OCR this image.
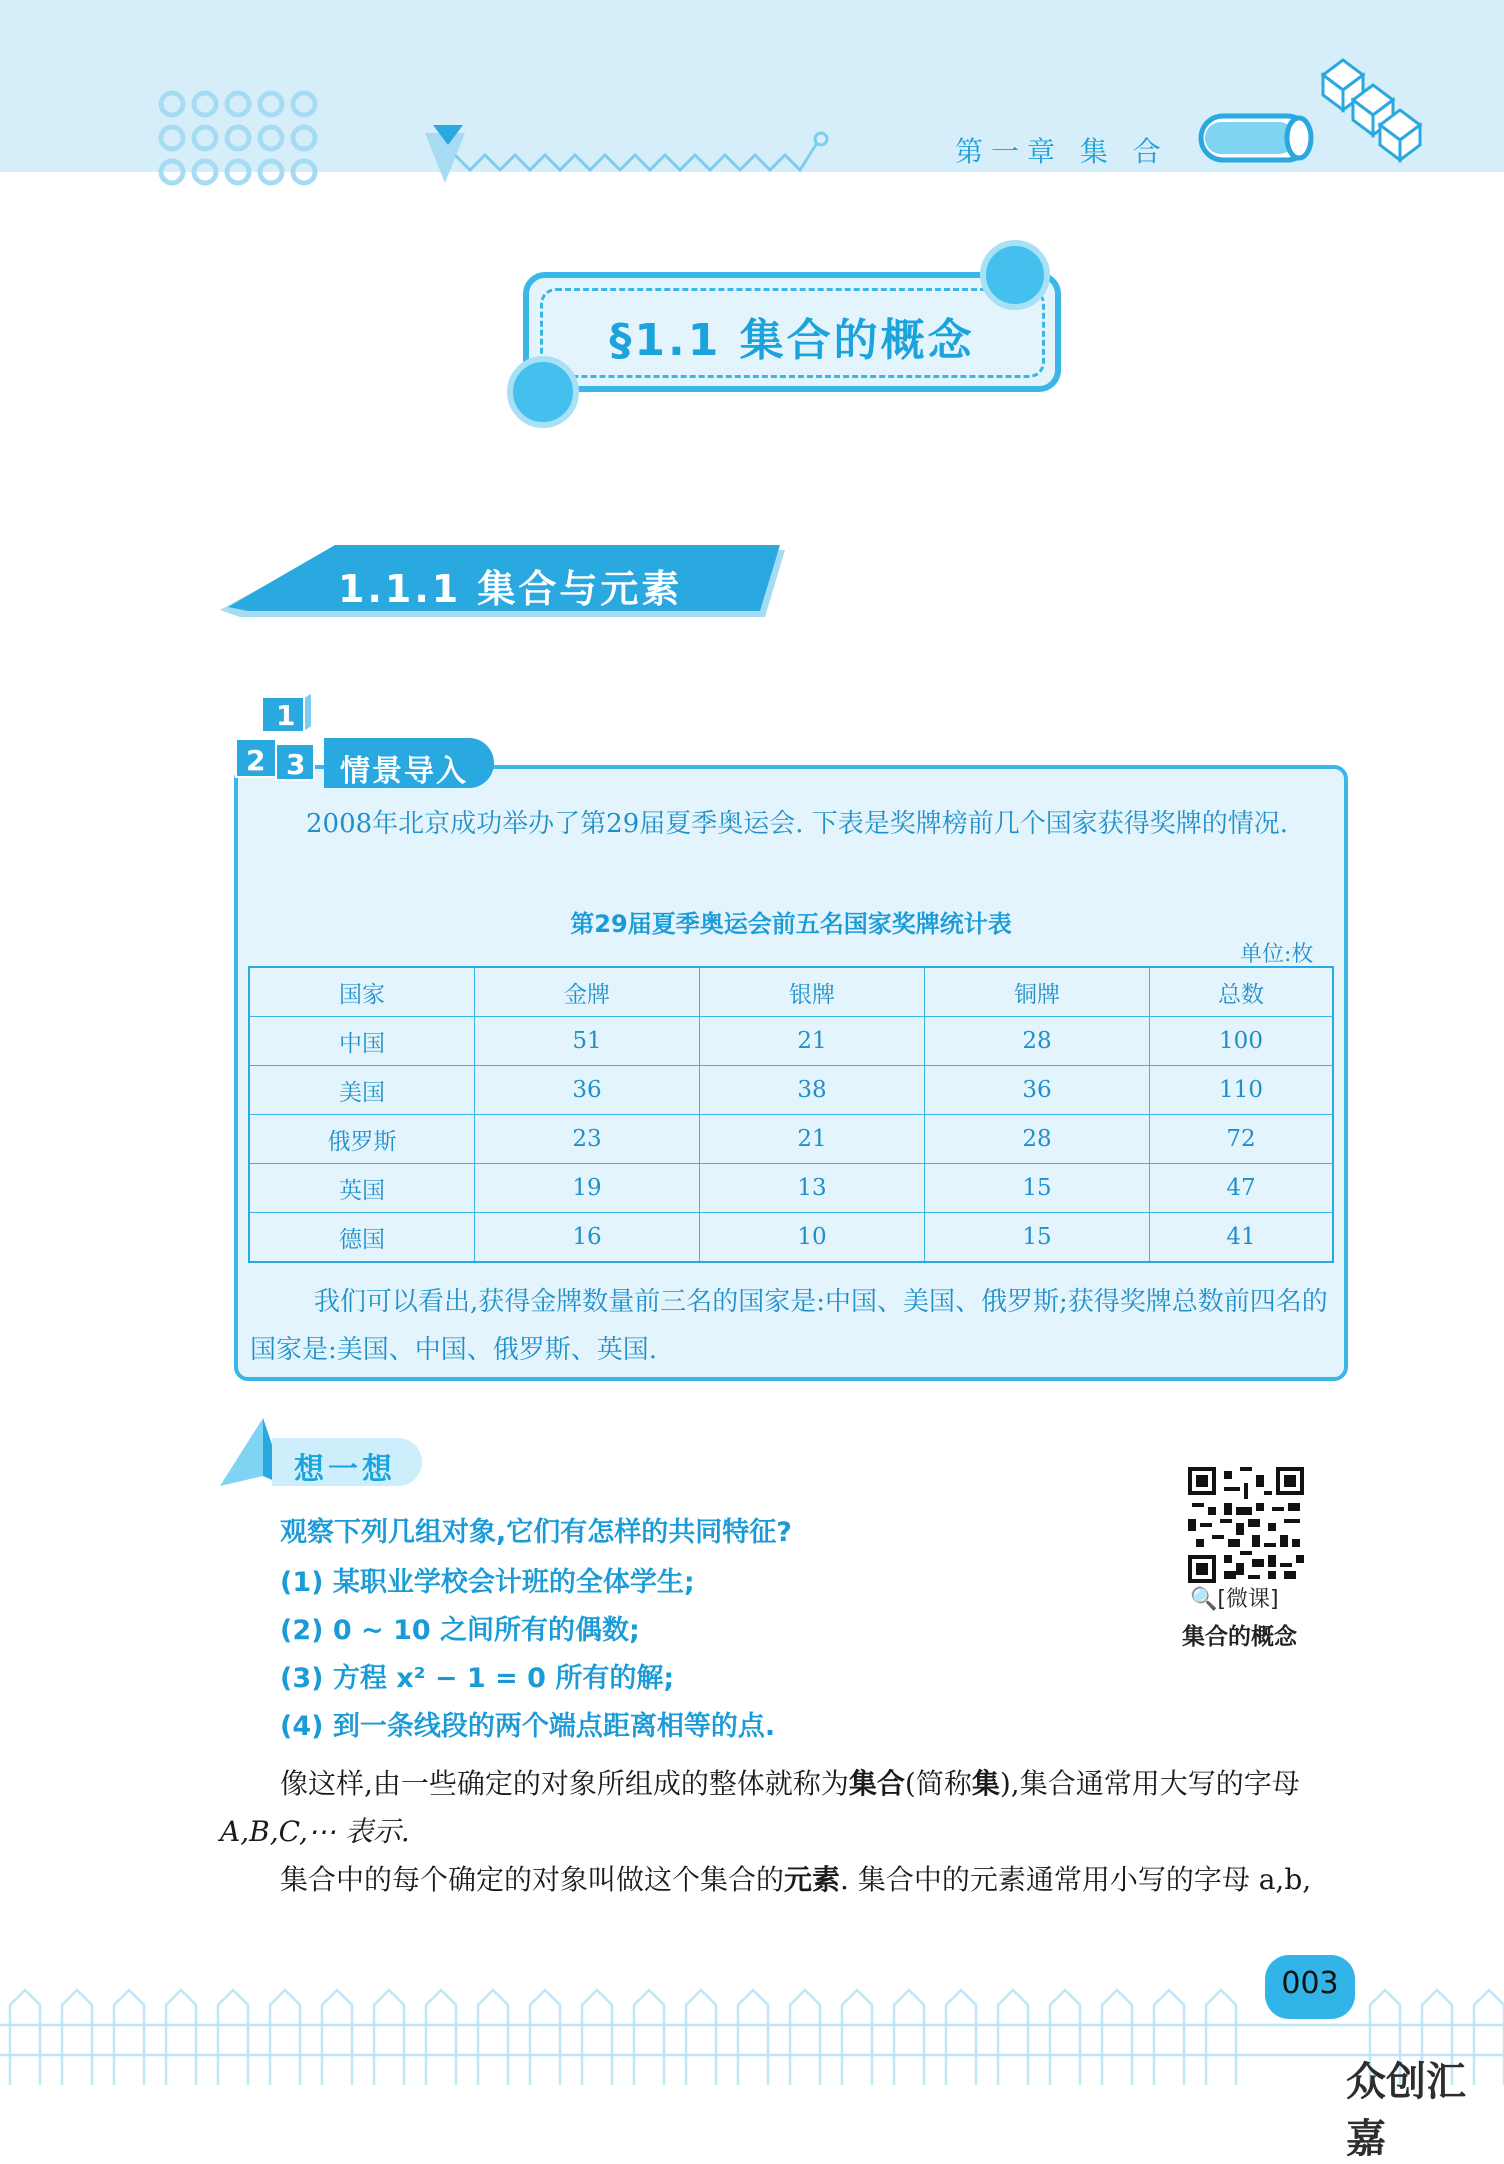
第一章 集 合
§1.1 集合的概念
1.1.1 集合与元素
1
2 3 情景导入
2008年北京成功举办了第29届夏季奥运会. 下表是奖牌榜前几个国家获得奖牌的情况.
第29届夏季奥运会前五名国家奖牌统计表
单位:枚
国家	金牌	银牌	铜牌	总数
中国	51	21	28	100
美国	36	38	36	110
俄罗斯	23	21	28	72
英国	19	13	15	47
德国	16	10	15	41
我们可以看出,获得金牌数量前三名的国家是:中国、美国、俄罗斯;获得奖牌总数前四名的国家是:美国、中国、俄罗斯、英国.
想一想
观察下列几组对象,它们有怎样的共同特征?
(1) 某职业学校会计班的全体学生;
(2) 0 ~ 10 之间所有的偶数;
(3) 方程 x² − 1 = 0 所有的解;
(4) 到一条线段的两个端点距离相等的点.
🔍[微课]
集合的概念
像这样,由一些确定的对象所组成的整体就称为集合(简称集),集合通常用大写的字母
A,B,C,⋯ 表示.
集合中的每个确定的对象叫做这个集合的元素. 集合中的元素通常用小写的字母 a,b,
003
众创汇嘉
